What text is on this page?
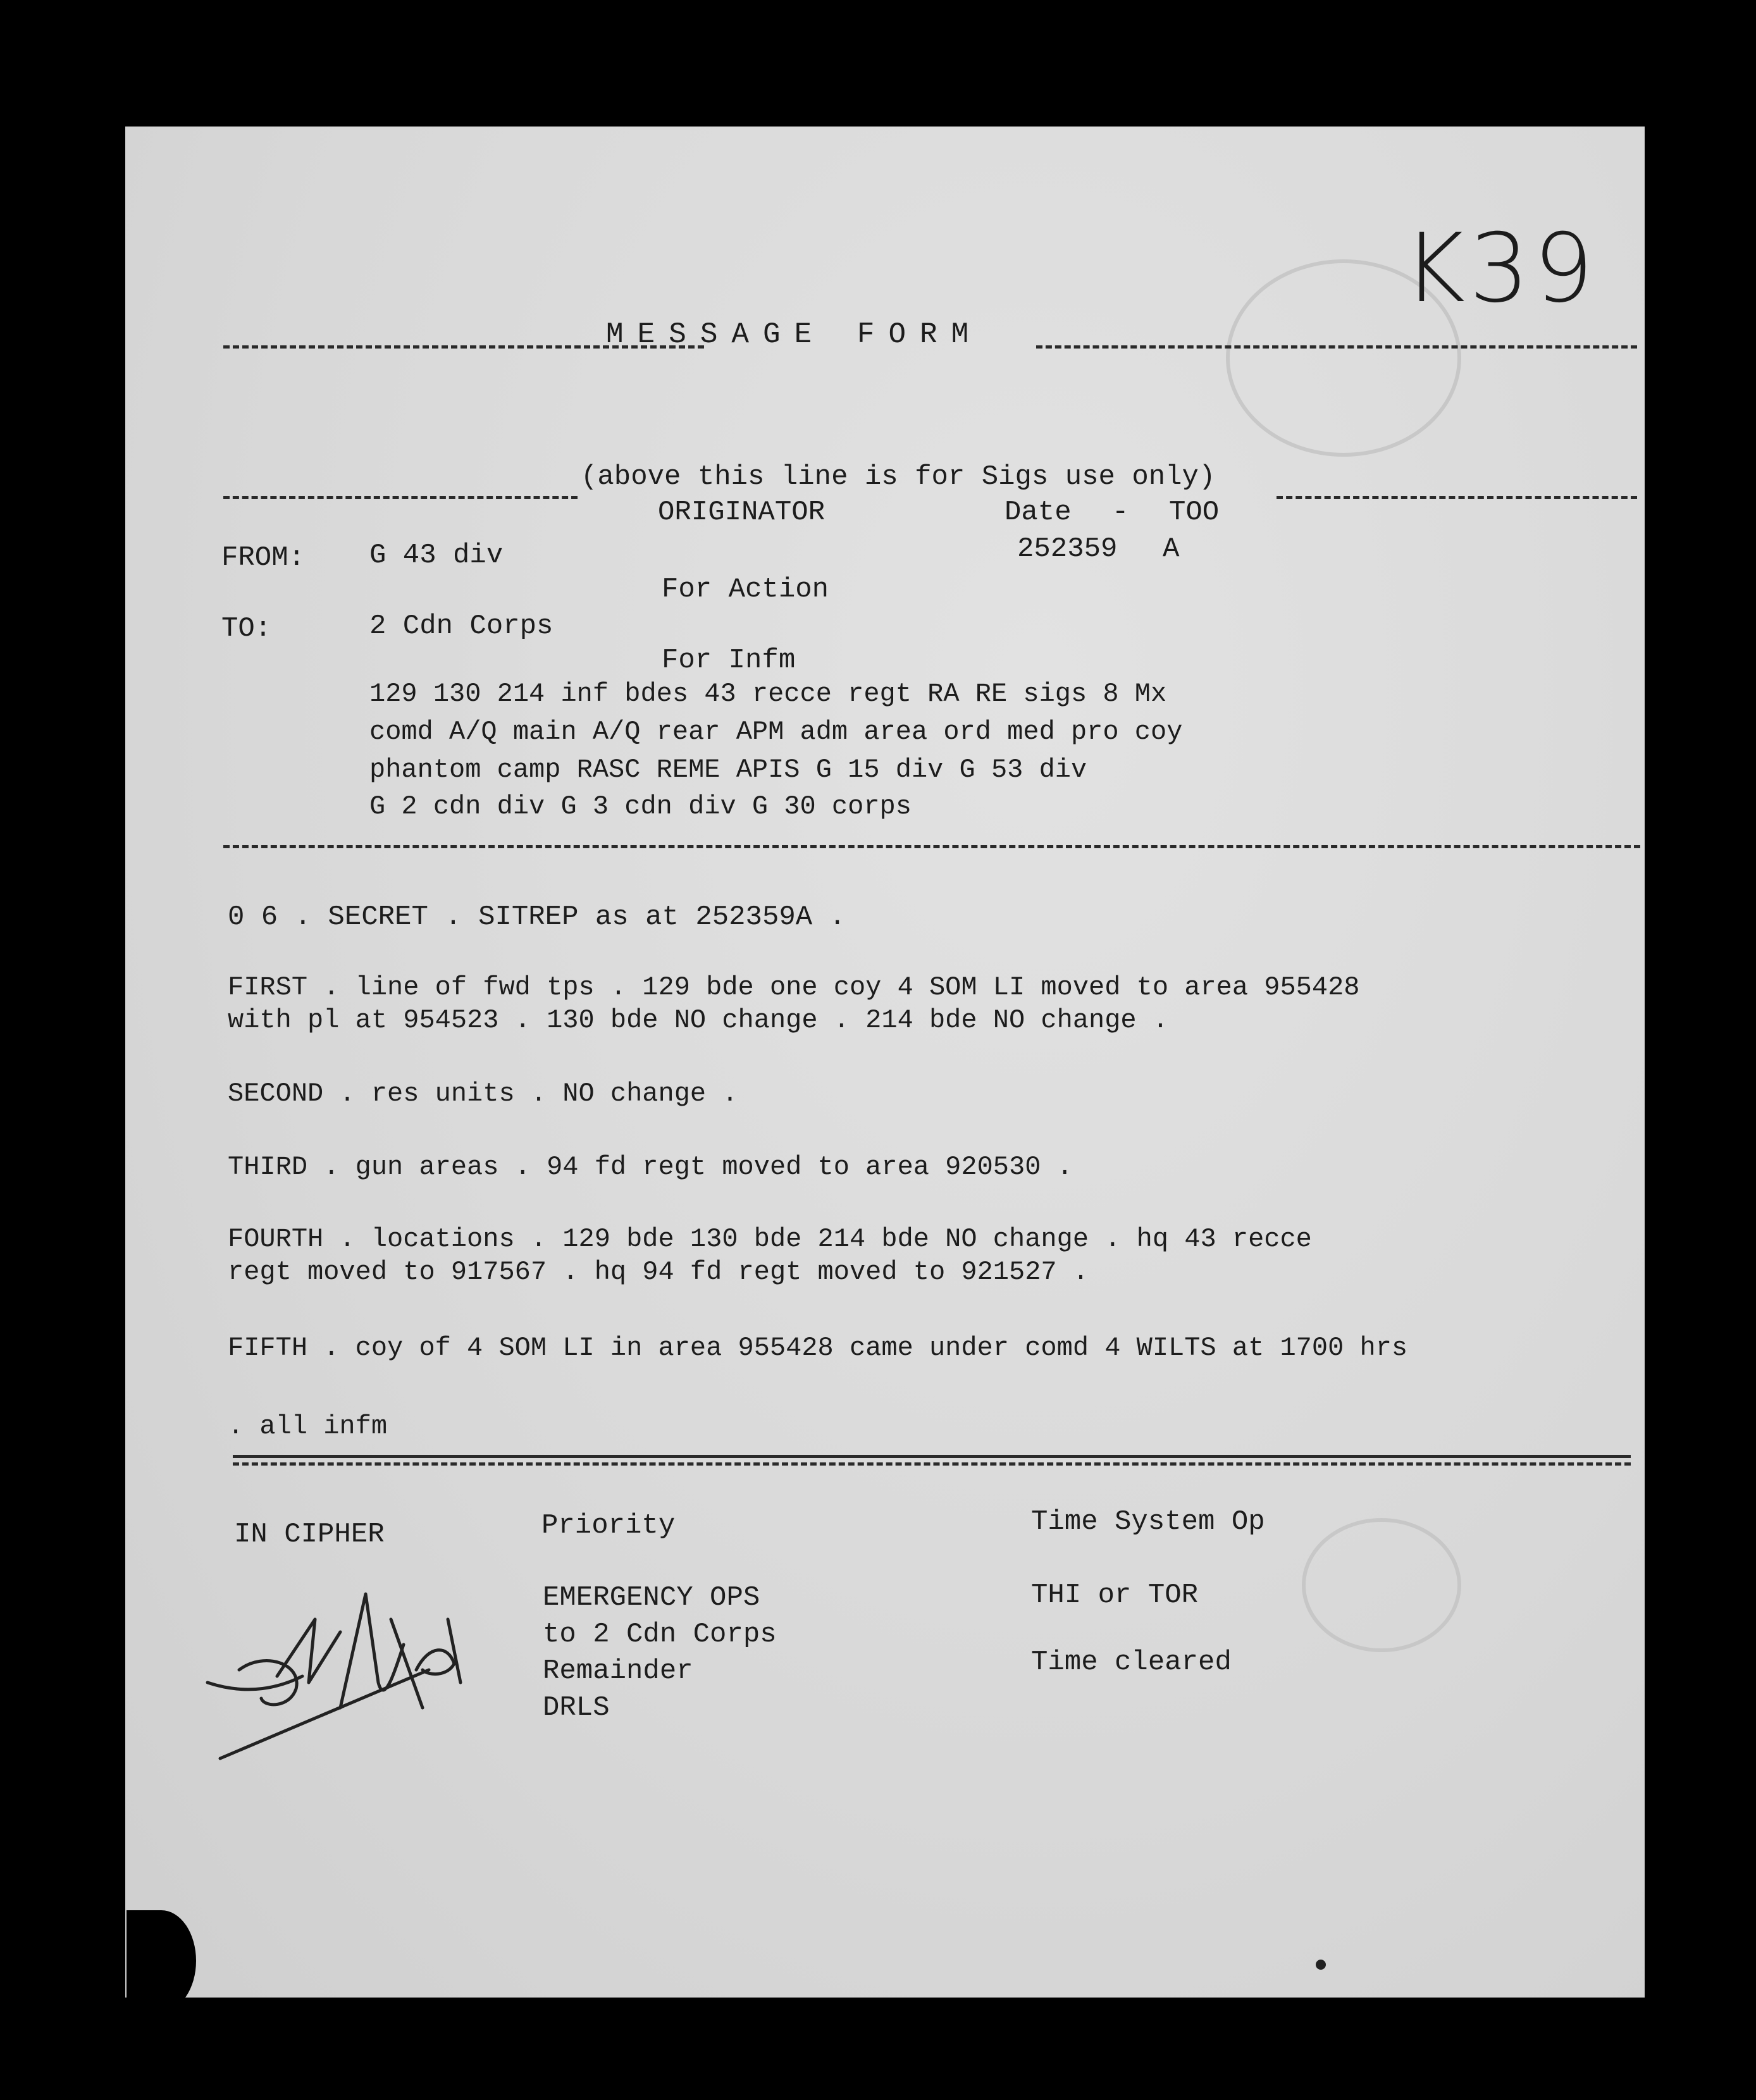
K39
MESSAGE FORM
(above this line is for Sigs use only)
ORIGINATOR	Date - TOO
FROM: G 43 div	252359 A
For Action
TO:	2 Cdn Corps
For Infm
129 130 214 inf bdes 43 recce regt RA RE sigs 8 Mx
comd A/Q main A/Q rear APM adm area ord med pro coy
phantom camp RASC REME APIS G 15 div G 53 div
G 2 cdn div G 3 cdn div G 30 corps
0 6 . SECRET . SITREP as at 252359A .
FIRST . line of fwd tps . 129 bde one coy 4 SOM LI moved to area 955428
with pl at 954523 . 130 bde NO change . 214 bde NO change .
SECOND . res units . NO change .
THIRD . gun areas . 94 fd regt moved to area 920530 .
FOURTH . locations . 129 bde 130 bde 214 bde NO change . hq 43 recce
regt moved to 917567 . hq 94 fd regt moved to 921527 .
FIFTH . coy of 4 SOM LI in area 955428 came under comd 4 WILTS at 1700 hrs
. all infm
IN CIPHER	Priority
EMERGENCY OPS
to 2 Cdn Corps
Remainder
DRLS
Time System Op
THI or TOR
Time cleared
